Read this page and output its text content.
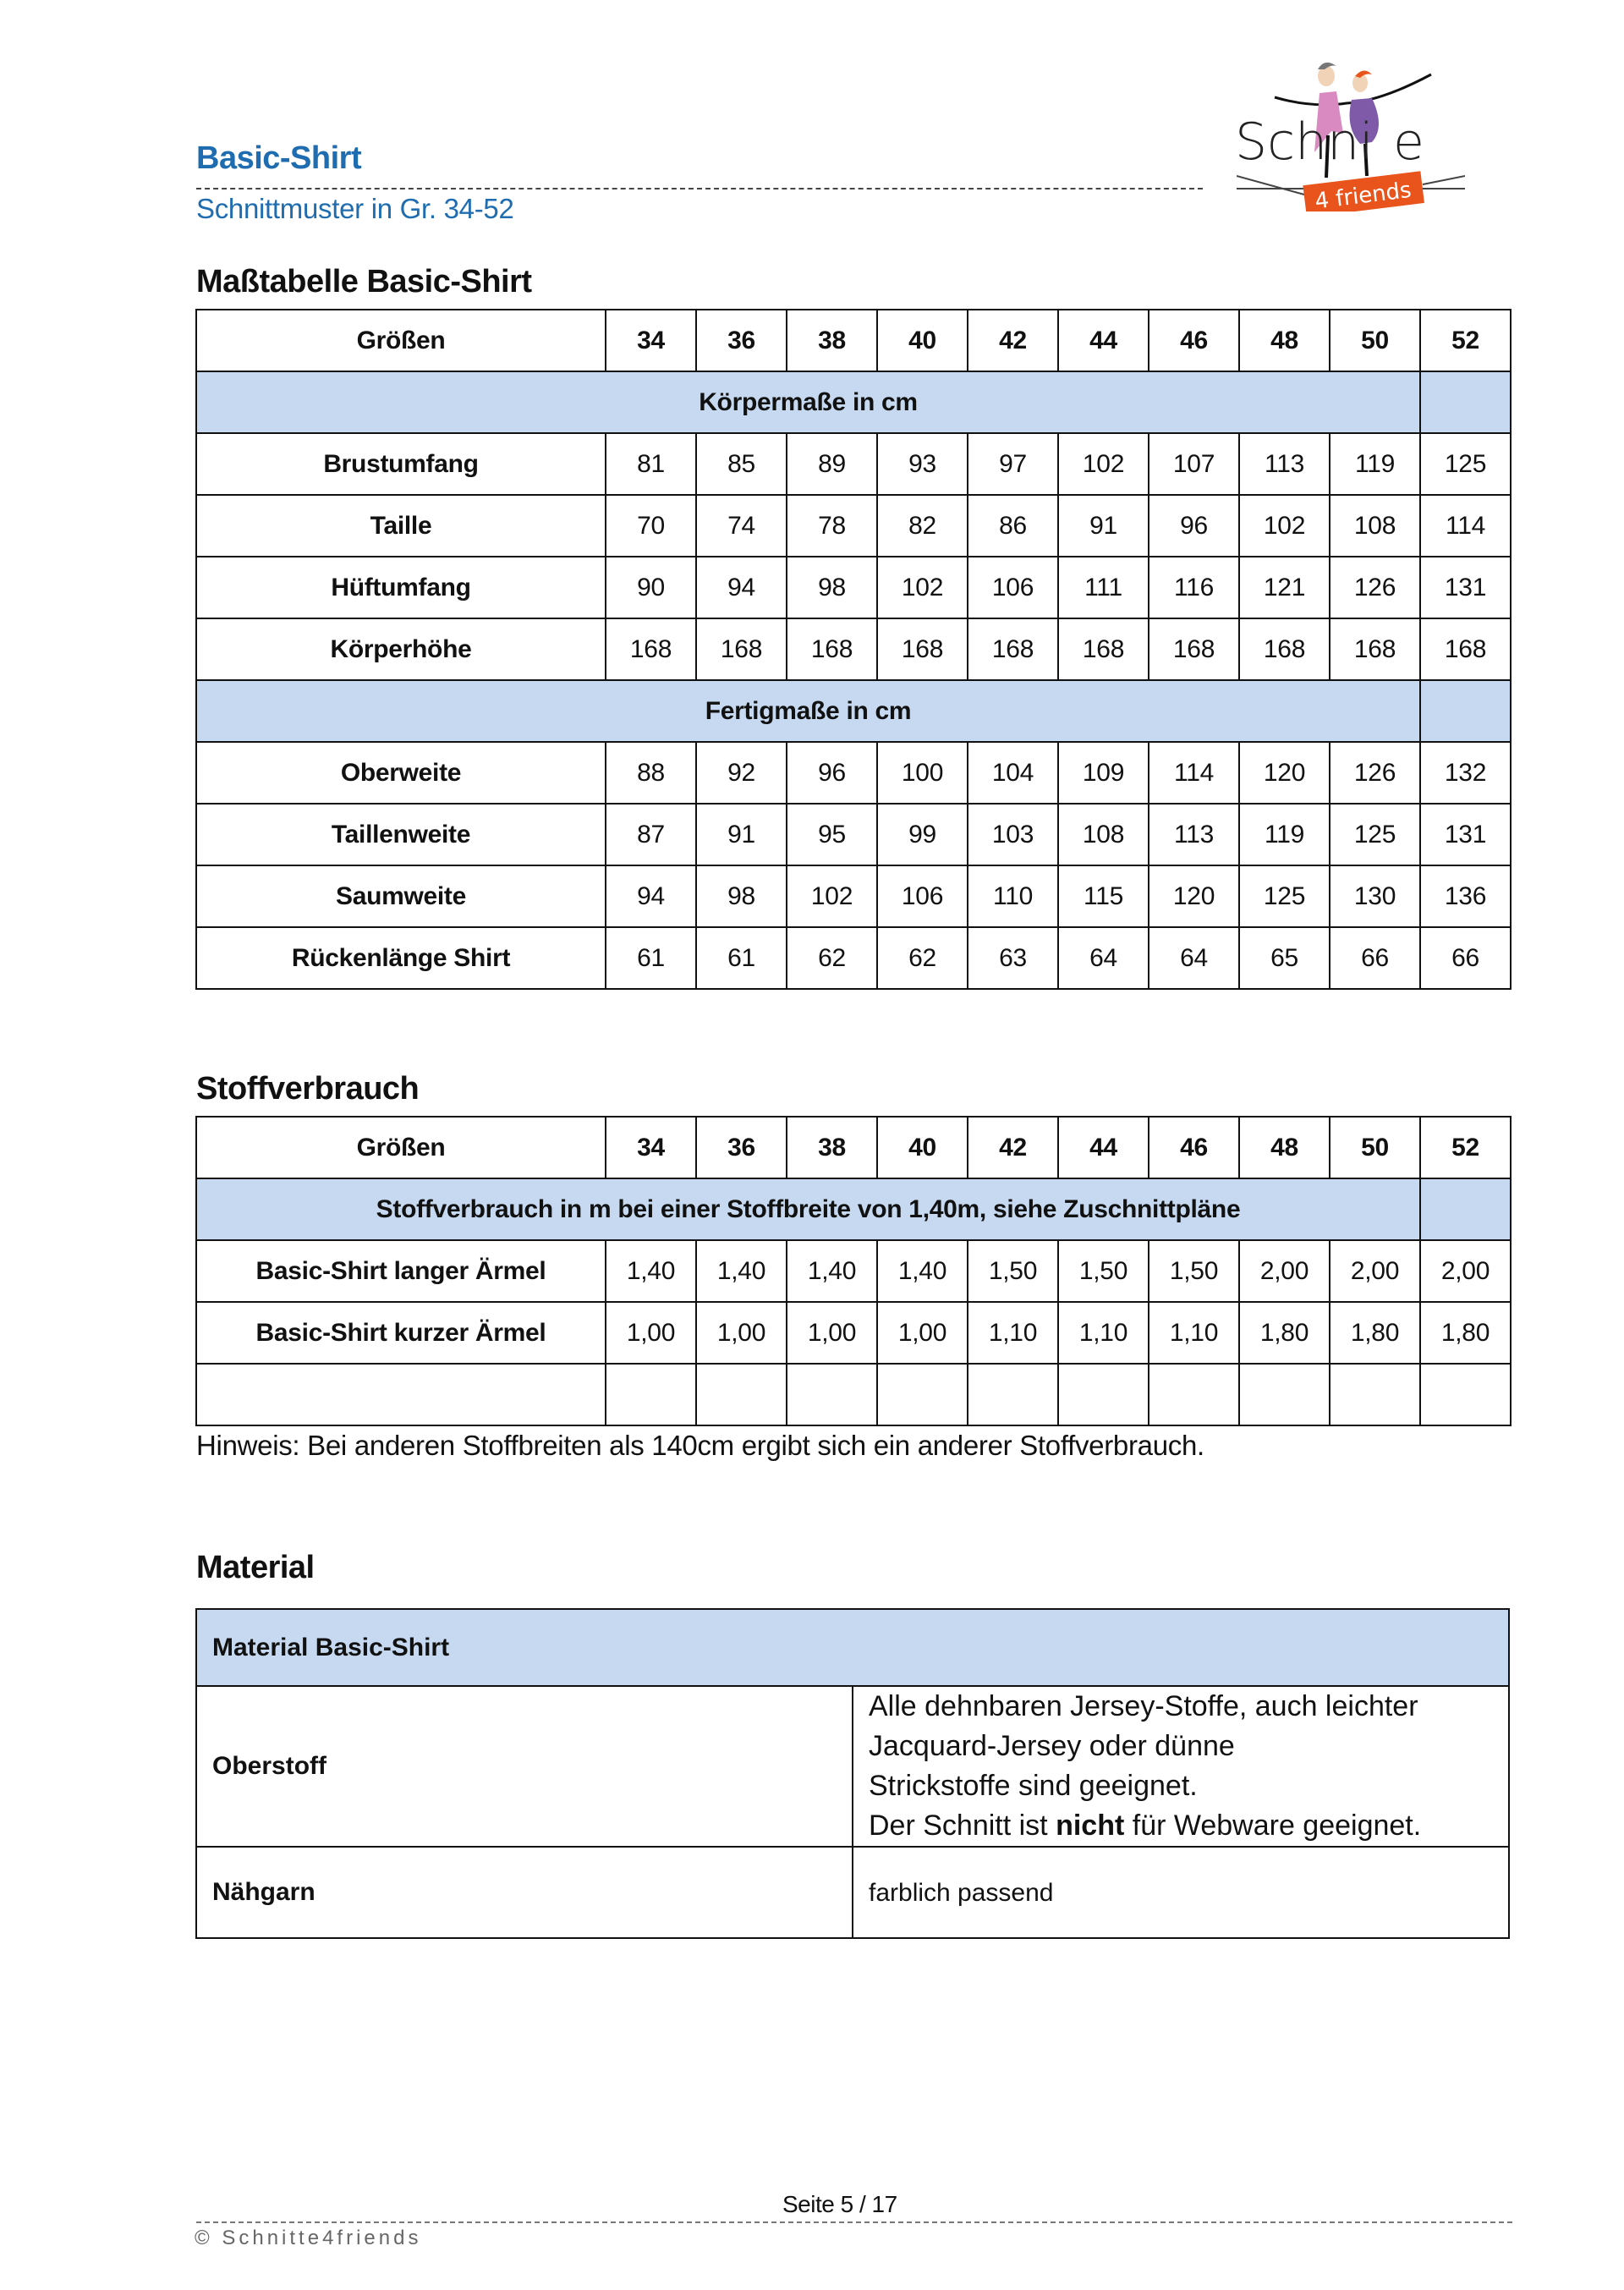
Basic-Shirt
Schnittmuster in Gr. 34-52
Schni e
4 friends
Maßtabelle Basic-Shirt
Größen	34	36	38	40	42	44	46	48	50	52
Körpermaße in cm										
Brustumfang	81	85	89	93	97	102	107	113	119	125
Taille	70	74	78	82	86	91	96	102	108	114
Hüftumfang	90	94	98	102	106	111	116	121	126	131
Körperhöhe	168	168	168	168	168	168	168	168	168	168
Fertigmaße in cm										
Oberweite	88	92	96	100	104	109	114	120	126	132
Taillenweite	87	91	95	99	103	108	113	119	125	131
Saumweite	94	98	102	106	110	115	120	125	130	136
Rückenlänge Shirt	61	61	62	62	63	64	64	65	66	66
Stoffverbrauch
Größen	34	36	38	40	42	44	46	48	50	52
Stoffverbrauch in m bei einer Stoffbreite von 1,40m, siehe Zuschnittpläne										
Basic-Shirt langer Ärmel	1,40	1,40	1,40	1,40	1,50	1,50	1,50	2,00	2,00	2,00
Basic-Shirt kurzer Ärmel	1,00	1,00	1,00	1,00	1,10	1,10	1,10	1,80	1,80	1,80

Hinweis: Bei anderen Stoffbreiten als 140cm ergibt sich ein anderer Stoffverbrauch.
Material
Material Basic-Shirt	
Oberstoff	Alle dehnbaren Jersey-Stoffe, auch leichter Jacquard-Jersey oder dünne
Strickstoffe sind geeignet.
Der Schnitt ist nicht für Webware geeignet.

Nähgarn	farblich passend
Seite 5 / 17
© Schnitte4friends
